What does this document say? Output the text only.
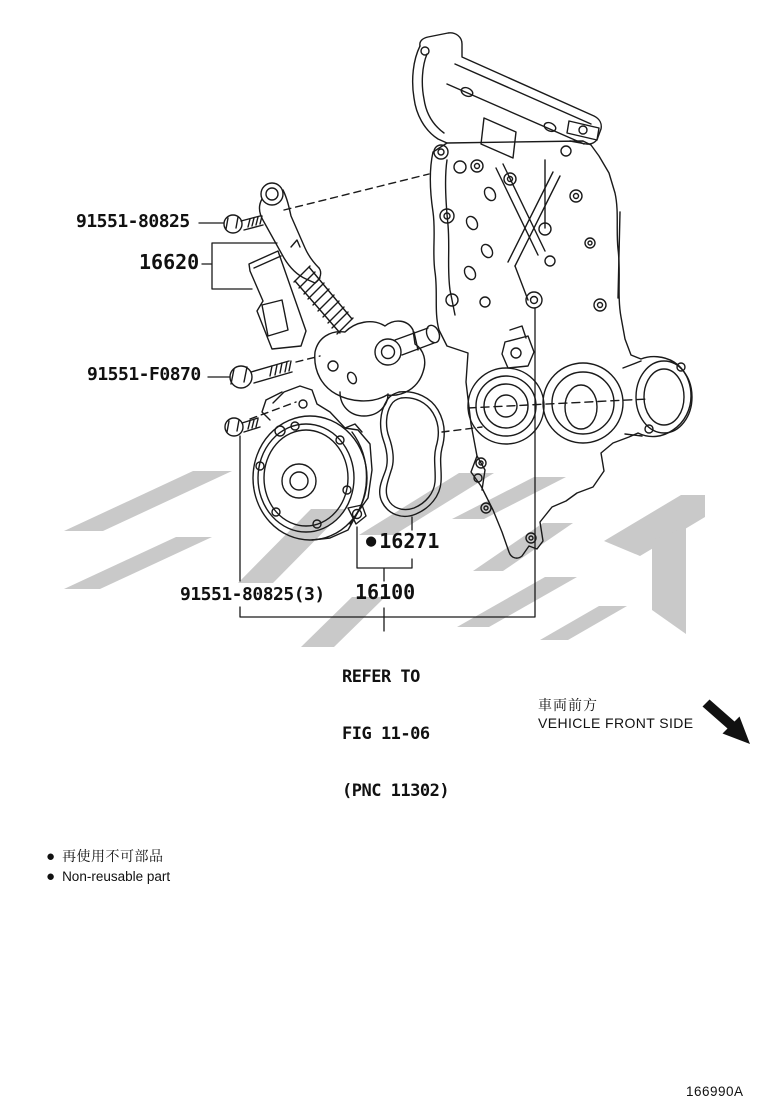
91551-80825
16620
91551-F0870
● 16271
91551-80825(3) 16100

REFER TO

FIG 11-06

(PNC 11302)

車両前方
VEHICLE FRONT SIDE
● 再使用不可部品
● Non-reusable part
166990A
